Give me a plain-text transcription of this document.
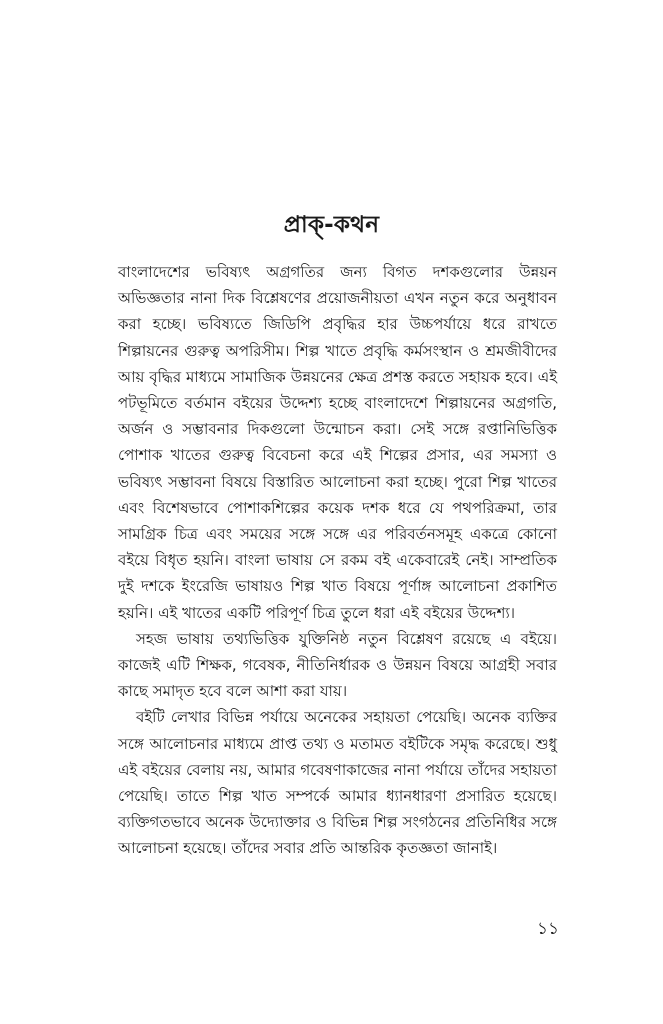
প্রাক্-কথন

বাংলাদেশের ভবিষ্যৎ অগ্রগতির জন্য বিগত দশকগুলোর উন্নয়ন অভিজ্ঞতার নানা দিক বিশ্লেষণের প্রয়োজনীয়তা এখন নতুন করে অনুধাবন করা হচ্ছে। ভবিষ্যতে জিডিপি প্রবৃদ্ধির হার উচ্চপর্যায়ে ধরে রাখতে শিল্পায়নের গুরুত্ব অপরিসীম। শিল্প খাতে প্রবৃদ্ধি কর্মসংস্থান ও শ্রমজীবীদের আয় বৃদ্ধির মাধ্যমে সামাজিক উন্নয়নের ক্ষেত্র প্রশস্ত করতে সহায়ক হবে। এই পটভূমিতে বর্তমান বইয়ের উদ্দেশ্য হচ্ছে বাংলাদেশে শিল্পায়নের অগ্রগতি, অর্জন ও সম্ভাবনার দিকগুলো উন্মোচন করা। সেই সঙ্গে রপ্তানিভিত্তিক পোশাক খাতের গুরুত্ব বিবেচনা করে এই শিল্পের প্রসার, এর সমস্যা ও ভবিষ্যৎ সম্ভাবনা বিষয়ে বিস্তারিত আলোচনা করা হচ্ছে। পুরো শিল্প খাতের এবং বিশেষভাবে পোশাকশিল্পের কয়েক দশক ধরে যে পথপরিক্রমা, তার সামগ্রিক চিত্র এবং সময়ের সঙ্গে সঙ্গে এর পরিবর্তনসমূহ একত্রে কোনো বইয়ে বিধৃত হয়নি। বাংলা ভাষায় সে রকম বই একেবারেই নেই। সাম্প্রতিক দুই দশকে ইংরেজি ভাষায়ও শিল্প খাত বিষয়ে পূর্ণাঙ্গ আলোচনা প্রকাশিত হয়নি। এই খাতের একটি পরিপূর্ণ চিত্র তুলে ধরা এই বইয়ের উদ্দেশ্য।

সহজ ভাষায় তথ্যভিত্তিক যুক্তিনিষ্ঠ নতুন বিশ্লেষণ রয়েছে এ বইয়ে। কাজেই এটি শিক্ষক, গবেষক, নীতিনির্ধারক ও উন্নয়ন বিষয়ে আগ্রহী সবার কাছে সমাদৃত হবে বলে আশা করা যায়।

বইটি লেখার বিভিন্ন পর্যায়ে অনেকের সহায়তা পেয়েছি। অনেক ব্যক্তির সঙ্গে আলোচনার মাধ্যমে প্রাপ্ত তথ্য ও মতামত বইটিকে সমৃদ্ধ করেছে। শুধু এই বইয়ের বেলায় নয়, আমার গবেষণাকাজের নানা পর্যায়ে তাঁদের সহায়তা পেয়েছি। তাতে শিল্প খাত সম্পর্কে আমার ধ্যানধারণা প্রসারিত হয়েছে। ব্যক্তিগতভাবে অনেক উদ্যোক্তার ও বিভিন্ন শিল্প সংগঠনের প্রতিনিধির সঙ্গে আলোচনা হয়েছে। তাঁদের সবার প্রতি আন্তরিক কৃতজ্ঞতা জানাই।

১১
